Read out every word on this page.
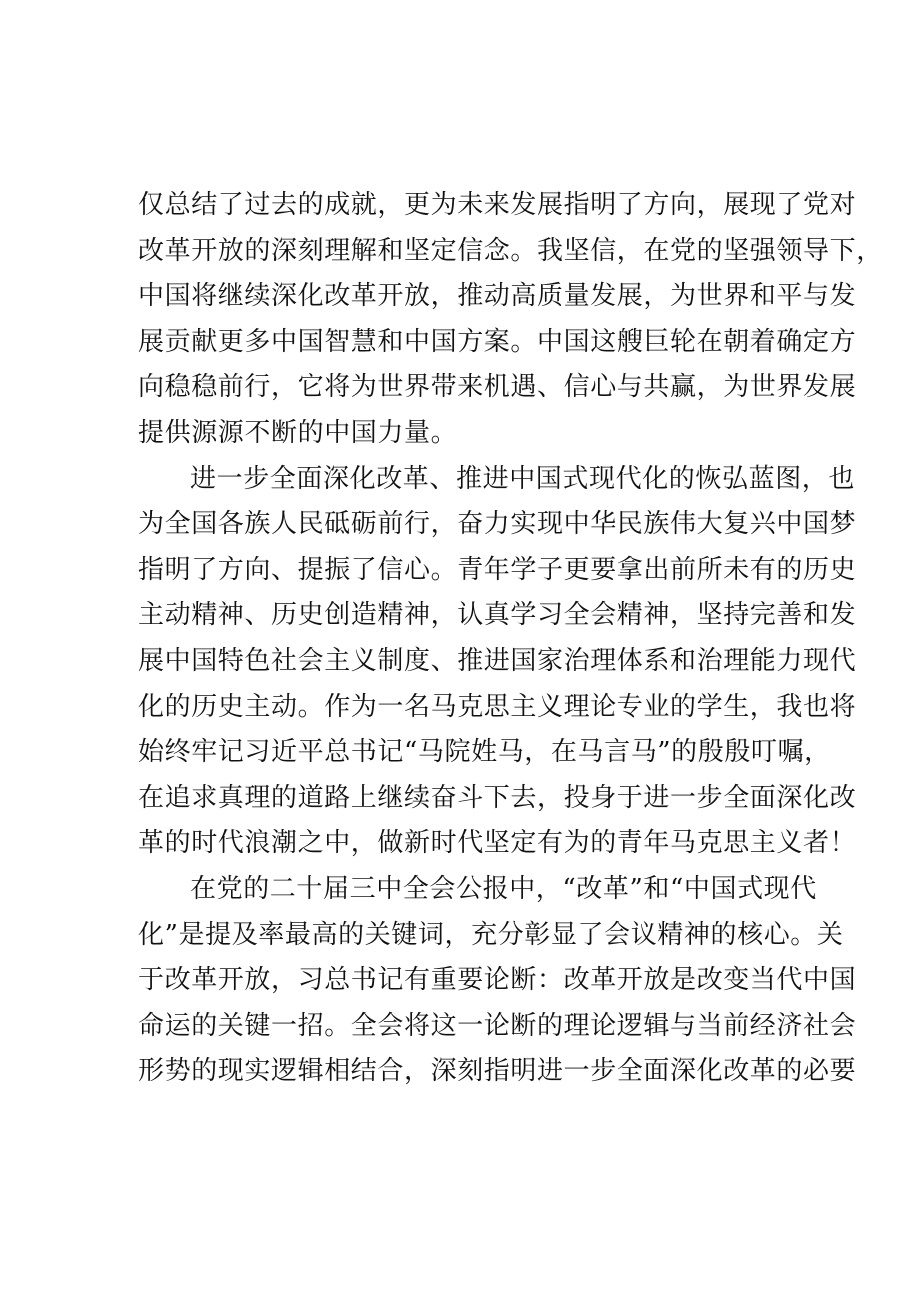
仅总结了过去的成就，更为未来发展指明了方向，展现了党对
改革开放的深刻理解和坚定信念。我坚信，在党的坚强领导下，
中国将继续深化改革开放，推动高质量发展，为世界和平与发
展贡献更多中国智慧和中国方案。中国这艘巨轮在朝着确定方
向稳稳前行，它将为世界带来机遇、信心与共赢，为世界发展
提供源源不断的中国力量。
进一步全面深化改革、推进中国式现代化的恢弘蓝图，也
为全国各族人民砥砺前行，奋力实现中华民族伟大复兴中国梦
指明了方向、提振了信心。青年学子更要拿出前所未有的历史
主动精神、历史创造精神，认真学习全会精神，坚持完善和发
展中国特色社会主义制度、推进国家治理体系和治理能力现代
化的历史主动。作为一名马克思主义理论专业的学生，我也将
始终牢记习近平总书记“马院姓马，在马言马”的殷殷叮嘱，
在追求真理的道路上继续奋斗下去，投身于进一步全面深化改
革的时代浪潮之中，做新时代坚定有为的青年马克思主义者！
在党的二十届三中全会公报中，“改革”和“中国式现代
化”是提及率最高的关键词，充分彰显了会议精神的核心。关
于改革开放，习总书记有重要论断：改革开放是改变当代中国
命运的关键一招。全会将这一论断的理论逻辑与当前经济社会
形势的现实逻辑相结合，深刻指明进一步全面深化改革的必要
